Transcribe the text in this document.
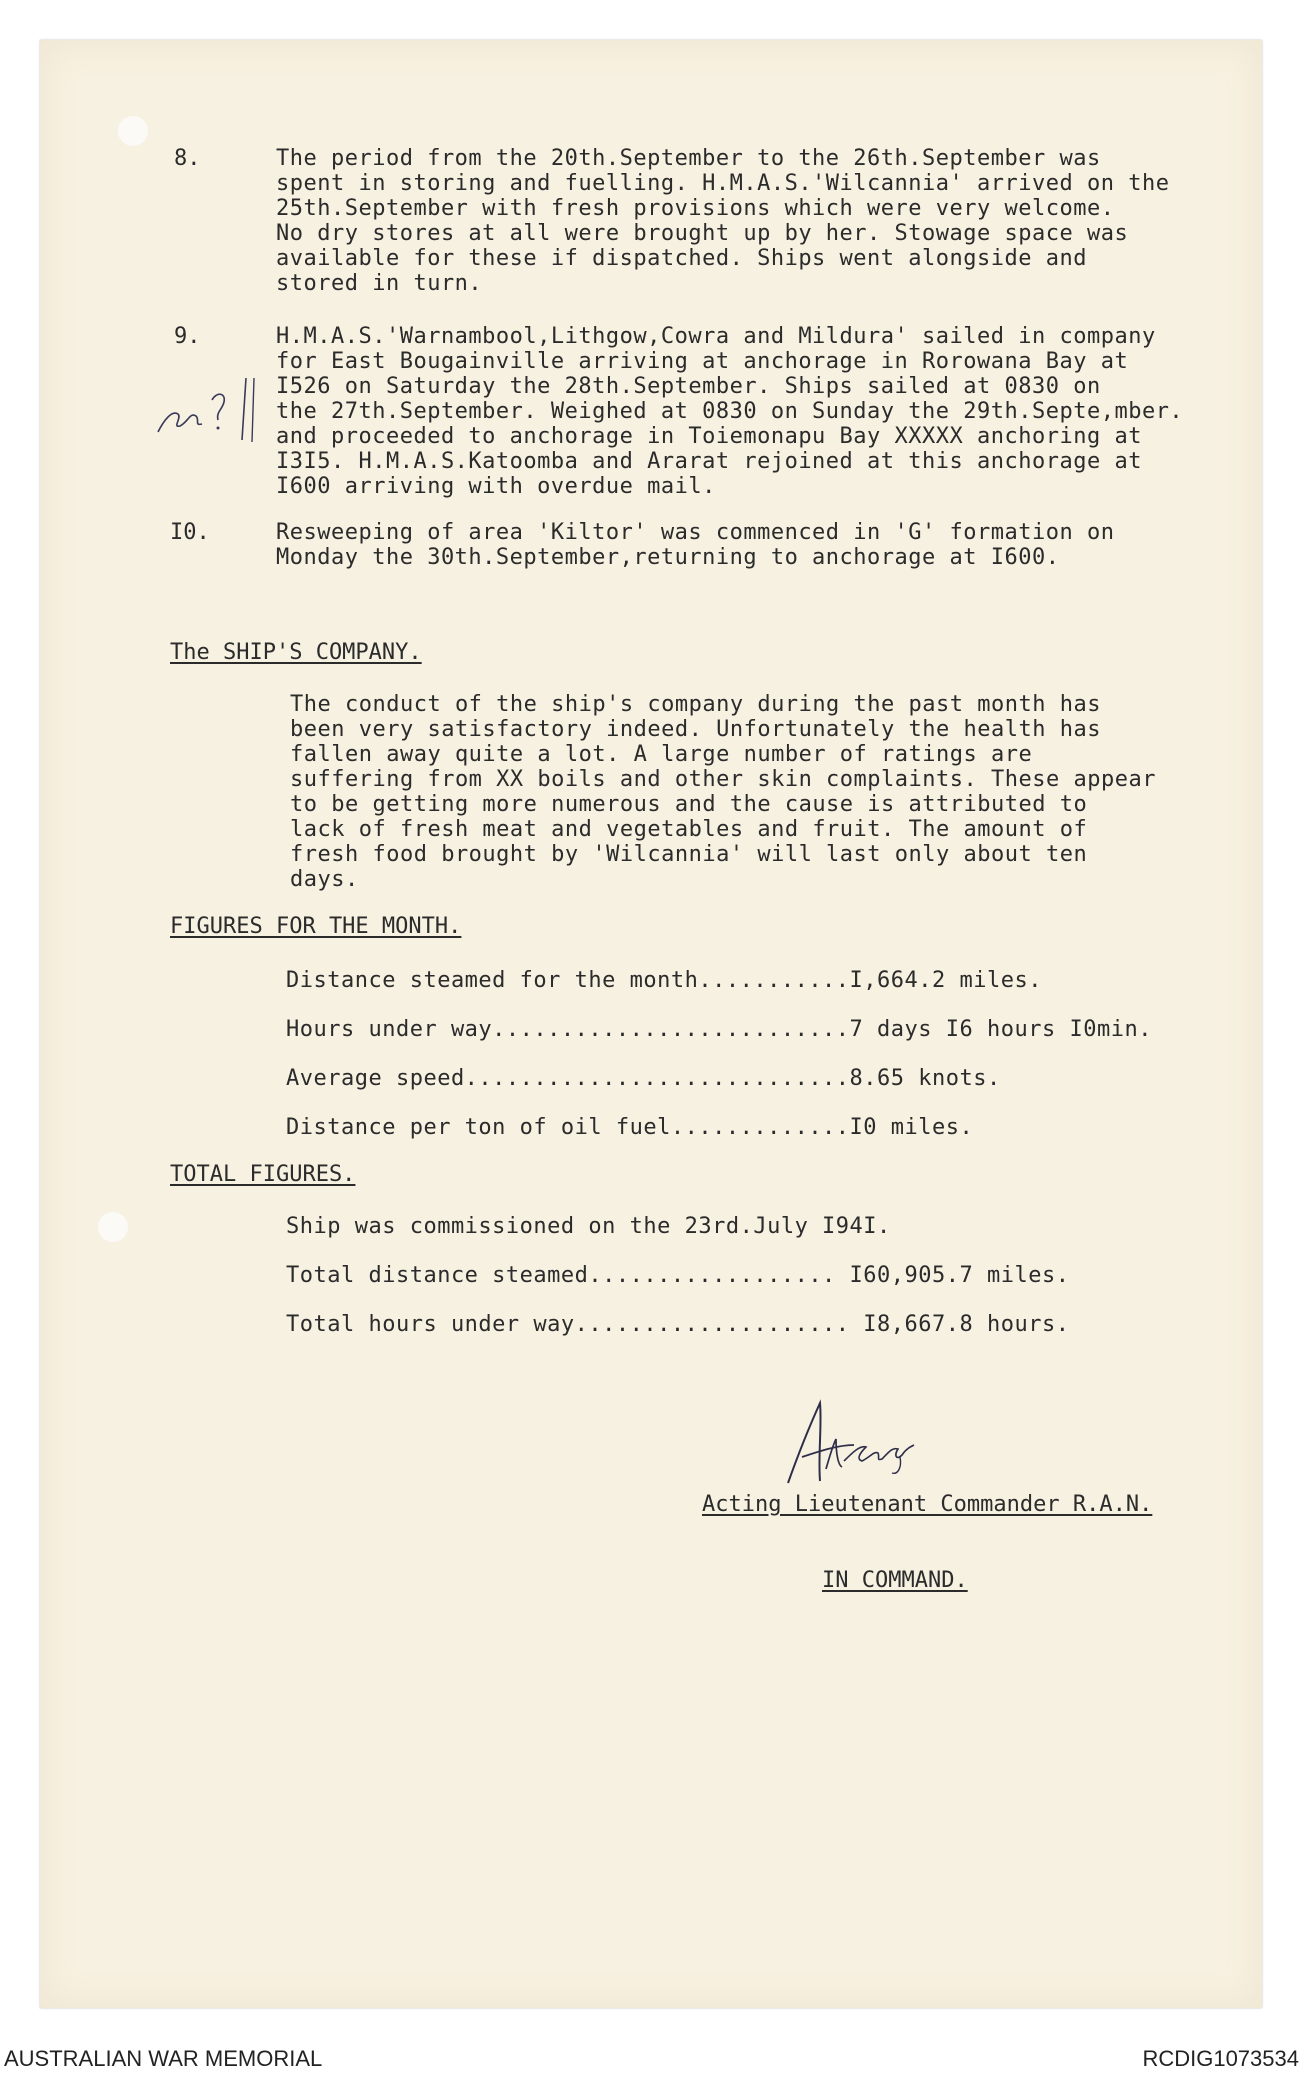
8.	The period from the 20th.September to the 26th.September was
spent in storing and fuelling. H.M.A.S.'Wilcannia' arrived on the
25th.September with fresh provisions which were very welcome.
No dry stores at all were brought up by her. Stowage space was
available for these if dispatched. Ships went alongside and
stored in turn.
9.	H.M.A.S.'Warnambool,Lithgow,Cowra and Mildura' sailed in company
for East Bougainville arriving at anchorage in Rorowana Bay at
I526 on Saturday the 28th.September. Ships sailed at 0830 on
the 27th.September. Weighed at 0830 on Sunday the 29th.Septe,mber.
and proceeded to anchorage in Toiemonapu Bay XXXXX anchoring at
I3I5. H.M.A.S.Katoomba and Ararat rejoined at this anchorage at
I600 arriving with overdue mail.
I0.	Resweeping of area 'Kiltor' was commenced in 'G' formation on
Monday the 30th.September,returning to anchorage at I600.
The SHIP'S COMPANY.
The conduct of the ship's company during the past month has
been very satisfactory indeed. Unfortunately the health has
fallen away quite a lot. A large number of ratings are
suffering from XX boils and other skin complaints. These appear
to be getting more numerous and the cause is attributed to
lack of fresh meat and vegetables and fruit. The amount of
fresh food brought by 'Wilcannia' will last only about ten
days.
FIGURES FOR THE MONTH.
Distance steamed for the month...........I,664.2 miles.
Hours under way..........................7 days I6 hours I0min.
Average speed............................8.65 knots.
Distance per ton of oil fuel.............I0 miles.
TOTAL FIGURES.
Ship was commissioned on the 23rd.July I94I.
Total distance steamed.................. I60,905.7 miles.
Total hours under way.................... I8,667.8 hours.
Acting Lieutenant Commander R.A.N.
IN COMMAND.
AUSTRALIAN WAR MEMORIAL	RCDIG1073534
